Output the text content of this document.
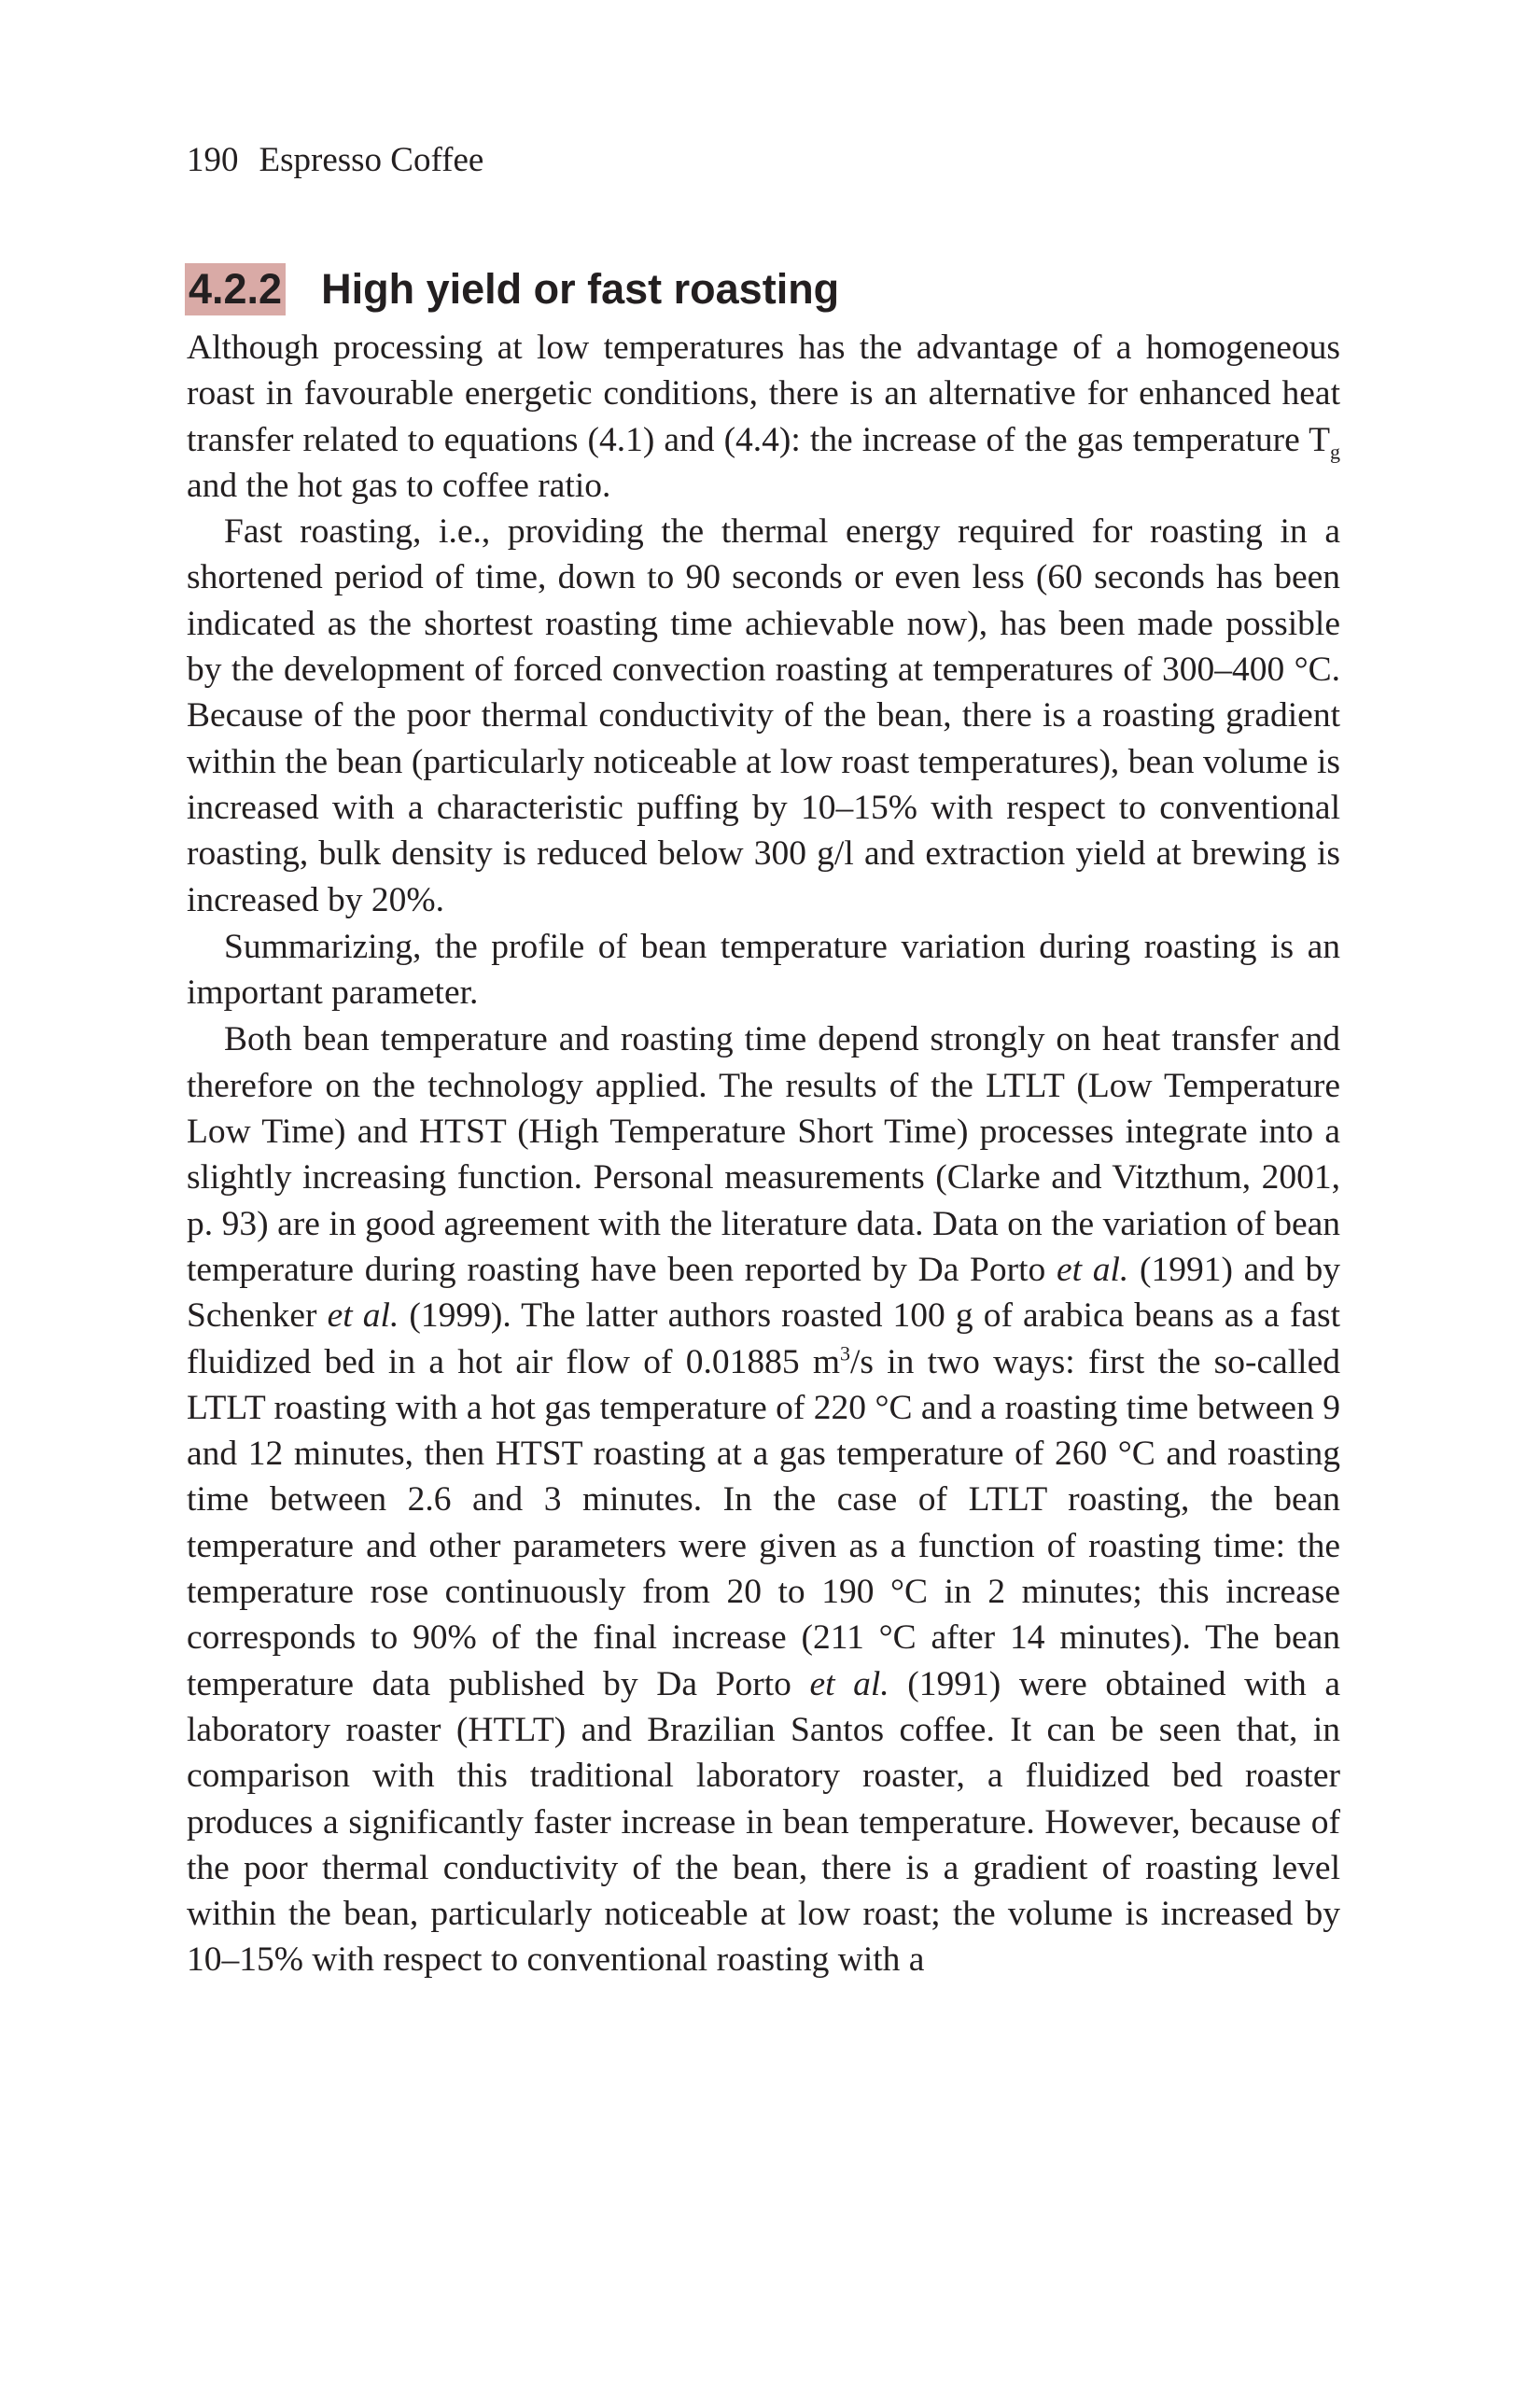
190 Espresso Coffee
4.2.2 High yield or fast roasting

Although processing at low temperatures has the advantage of a homogeneous roast in favourable energetic conditions, there is an alternative for enhanced heat transfer related to equations (4.1) and (4.4): the increase of the gas temperature $T_g$ and the hot gas to coffee ratio.

Fast roasting, i.e., providing the thermal energy required for roasting in a shortened period of time, down to 90 seconds or even less (60 seconds has been indicated as the shortest roasting time achievable now), has been made possible by the development of forced convection roasting at temperatures of 300–400 °C. Because of the poor thermal conductivity of the bean, there is a roasting gradient within the bean (particularly noticeable at low roast temperatures), bean volume is increased with a characteristic puffing by 10–15% with respect to conventional roasting, bulk density is reduced below 300 g/l and extraction yield at brewing is increased by 20%.

Summarizing, the profile of bean temperature variation during roasting is an important parameter.

Both bean temperature and roasting time depend strongly on heat transfer and therefore on the technology applied. The results of the LTLT (Low Temperature Low Time) and HTST (High Temperature Short Time) processes integrate into a slightly increasing function. Personal measurements (Clarke and Vitzthum, 2001, p. 93) are in good agreement with the literature data. Data on the variation of bean temperature during roasting have been reported by Da Porto et al. (1991) and by Schenker et al. (1999). The latter authors roasted 100 g of arabica beans as a fast fluidized bed in a hot air flow of 0.01885 $m^3/s$ in two ways: first the so-called LTLT roasting with a hot gas temperature of 220 °C and a roasting time between 9 and 12 minutes, then HTST roasting at a gas temperature of 260 °C and roasting time between 2.6 and 3 minutes. In the case of LTLT roasting, the bean temperature and other parameters were given as a function of roasting time: the temperature rose continuously from 20 to 190 °C in 2 minutes; this increase corresponds to 90% of the final increase (211 °C after 14 minutes). The bean temperature data published by Da Porto et al. (1991) were obtained with a laboratory roaster (HTLT) and Brazilian Santos coffee. It can be seen that, in comparison with this traditional laboratory roaster, a fluidized bed roaster produces a significantly faster increase in bean temperature. However, because of the poor thermal conductivity of the bean, there is a gradient of roasting level within the bean, particularly noticeable at low roast; the volume is increased by 10–15% with respect to conventional roasting with a
